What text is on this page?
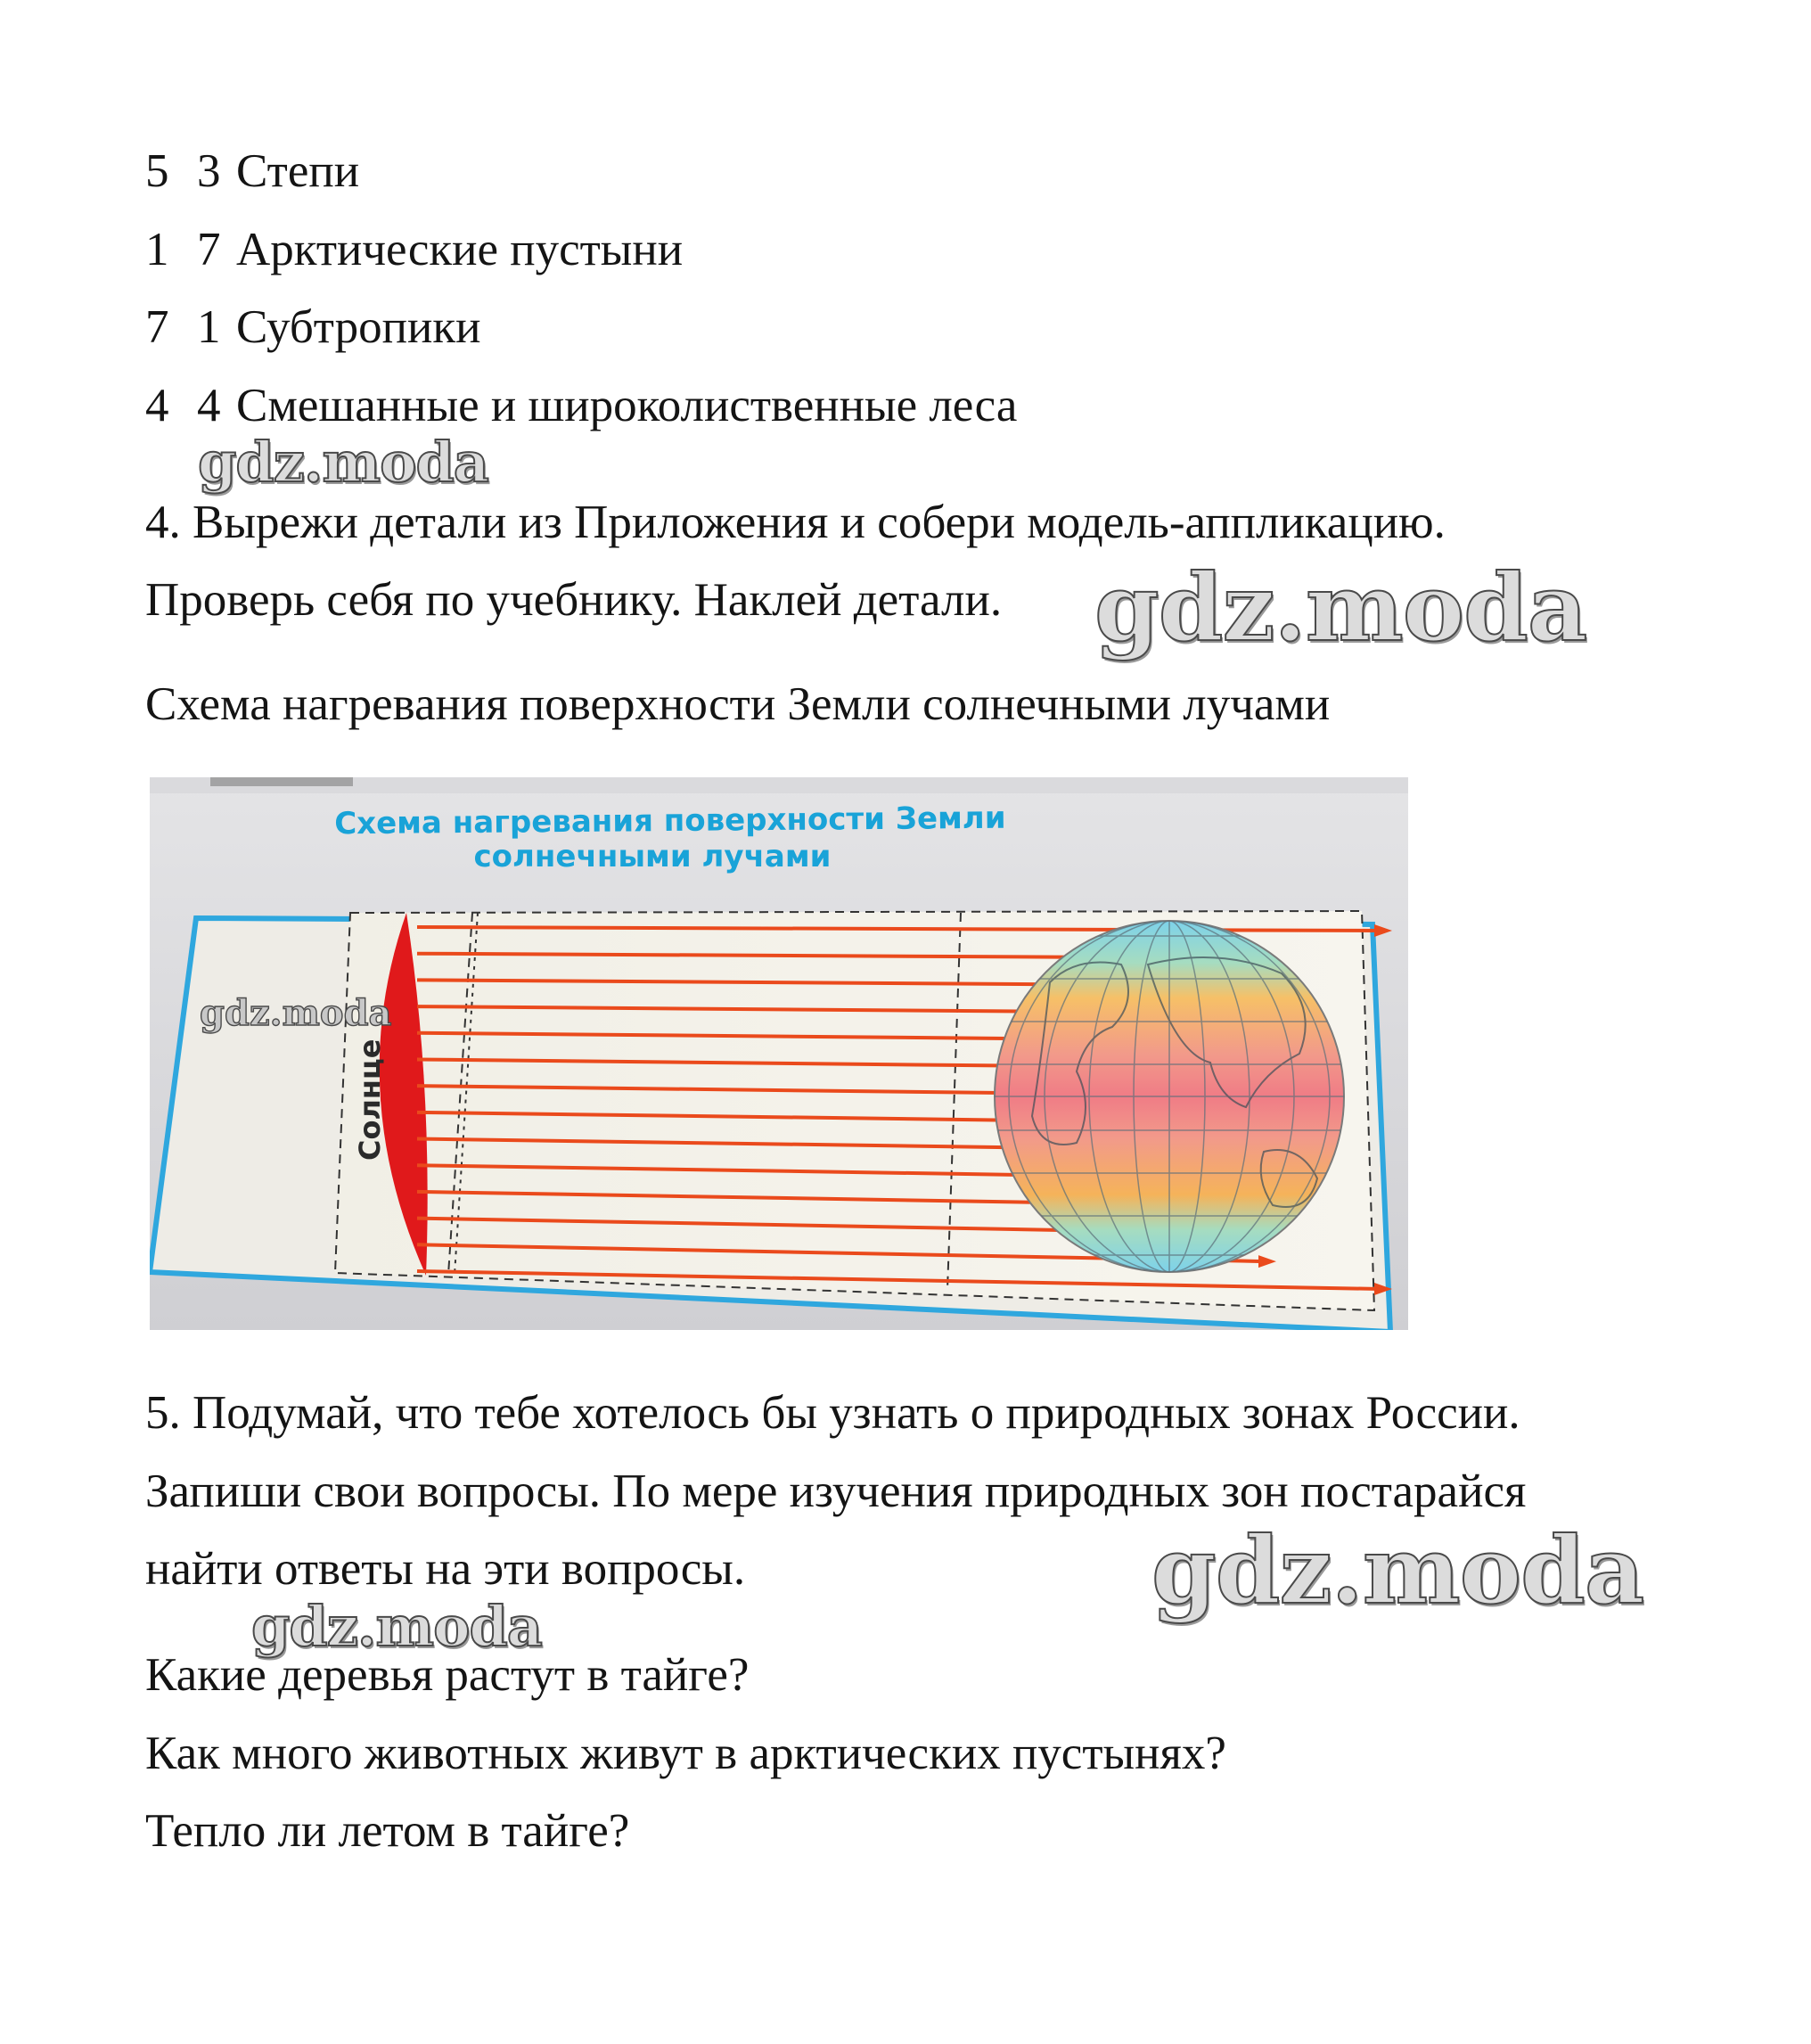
5 3 Степи

1 7 Арктические пустыни

7 1 Субтропики

4 4 Смешанные и широколиственные леса

gdz.moda

4. Вырежи детали из Приложения и собери модель-аппликацию.

Проверь себя по учебнику. Наклей детали. gdz.moda

Схема нагревания поверхности Земли солнечными лучами

Схема нагревания поверхности Земли
солнечными лучами
Солнце
gdz.moda

5. Подумай, что тебе хотелось бы узнать о природных зонах России.

Запиши свои вопросы. По мере изучения природных зон постарайся

найти ответы на эти вопросы.	gdz.moda
gdz.moda

Какие деревья растут в тайге?

Как много животных живут в арктических пустынях?

Тепло ли летом в тайге?
